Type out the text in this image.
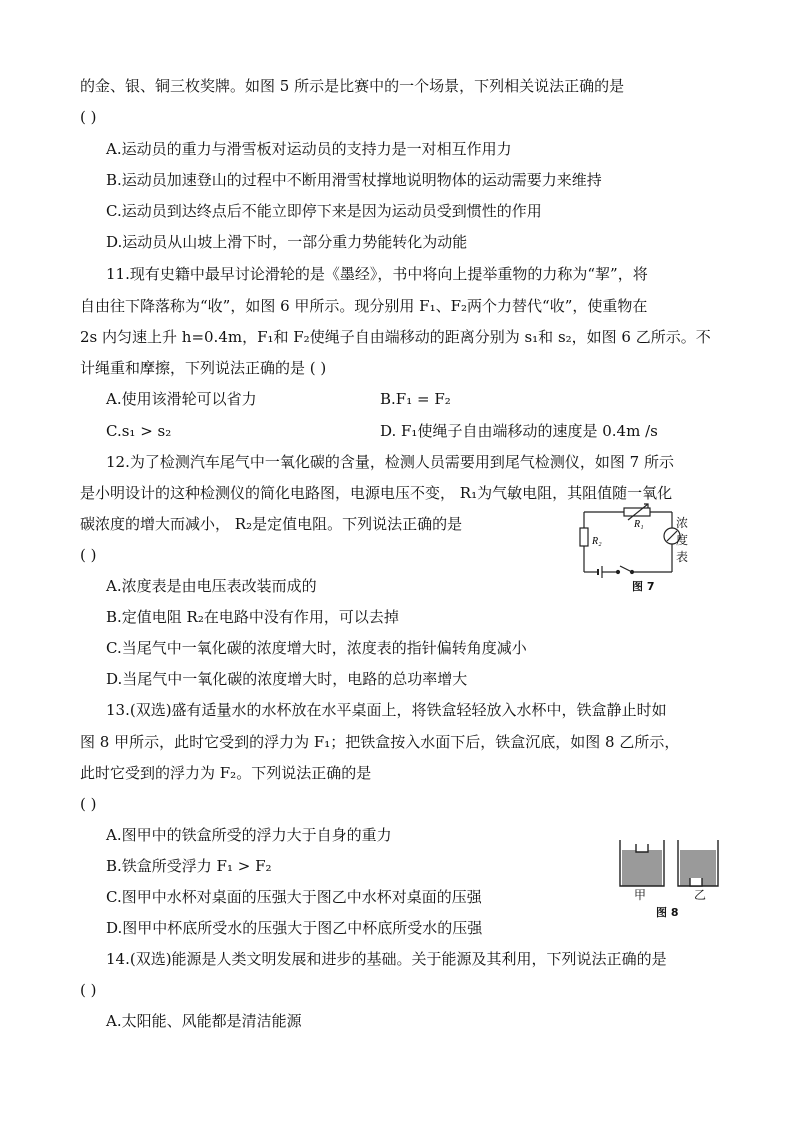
的金、银、铜三枚奖牌。如图 5 所示是比赛中的一个场景，下列相关说法正确的是
( )
A.运动员的重力与滑雪板对运动员的支持力是一对相互作用力
B.运动员加速登山的过程中不断用滑雪杖撑地说明物体的运动需要力来维持
C.运动员到达终点后不能立即停下来是因为运动员受到惯性的作用
D.运动员从山坡上滑下时，一部分重力势能转化为动能
11.现有史籍中最早讨论滑轮的是《墨经》，书中将向上提举重物的力称为“挈”，将
自由往下降落称为“收”，如图 6 甲所示。现分别用 F₁、F₂两个力替代“收”，使重物在
2s 内匀速上升 h=0.4m，F₁和 F₂使绳子自由端移动的距离分别为 s₁和 s₂，如图 6 乙所示。不
计绳重和摩擦，下列说法正确的是 ( )
A.使用该滑轮可以省力	B.F₁ = F₂
C.s₁ > s₂	D. F₁使绳子自由端移动的速度是 0.4m /s
12.为了检测汽车尾气中一氧化碳的含量，检测人员需要用到尾气检测仪，如图 7 所示
是小明设计的这种检测仪的简化电路图，电源电压不变， R₁为气敏电阻，其阻值随一氧化
碳浓度的增大而减小， R₂是定值电阻。下列说法正确的是
( )
A.浓度表是由电压表改装而成的
B.定值电阻 R₂在电路中没有作用，可以去掉
C.当尾气中一氧化碳的浓度增大时，浓度表的指针偏转角度减小
D.当尾气中一氧化碳的浓度增大时，电路的总功率增大
R₁
R₂
浓度表
图 7
13.(双选)盛有适量水的水杯放在水平桌面上，将铁盒轻轻放入水杯中，铁盒静止时如
图 8 甲所示，此时它受到的浮力为 F₁；把铁盒按入水面下后，铁盒沉底，如图 8 乙所示，
此时它受到的浮力为 F₂。下列说法正确的是
( )
A.图甲中的铁盒所受的浮力大于自身的重力
B.铁盒所受浮力 F₁ > F₂
C.图甲中水杯对桌面的压强大于图乙中水杯对桌面的压强
D.图甲中杯底所受水的压强大于图乙中杯底所受水的压强
甲	乙
图 8
14.(双选)能源是人类文明发展和进步的基础。关于能源及其利用，下列说法正确的是
( )
A.太阳能、风能都是清洁能源
